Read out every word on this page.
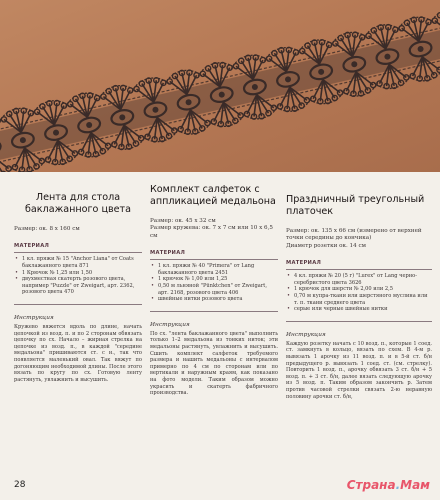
Лента для стола баклажанного цвета
Размер: ок. 8 х 160 см
МАТЕРИАЛ
• 1 кл. пряжи № 15 "Anchor Liana" от Coats баклажанного цвета 871
• 1 Крючок № 1,25 или 1,50
• двухместная скатерть розового цвета, например "Puzzle" от Zweigart, арт. 2362, розового цвета 470
Инструкция
Кружево вяжется вдоль по длине, начать цепочкой из возд. п. и по 2 сторонам обвязать цепочку по сх. Начало – жирная стрелка на цепочке из возд. п., в каждой "середине медальона" пришиваются ст. с н., так что появляется маленький овал. Так вяжут по догоняющим необходимой длины. После этого вязать по кругу по сх. Готовую ленту растянуть, увлажнить и высушить.
Комплект салфеток с аппликацией медальона
Размер: ок. 45 х 32 см
Размер кружева: ок. 7 х 7 см или 10 х 6,5 см
МАТЕРИАЛ
• 1 кл. пряжи № 40 "Primera" от Lang баклажанного цвета 2451
• 1 крючок № 1,00 или 1,25
• 0,50 м льняной "Pünktchen" от Zweigart, арт. 2168, розового цвета 406
• швейные нитки розового цвета
Инструкция
По сх. "лента баклажанного цвета" выполнить только 1–2 медальона из тонких ниток; эти медальоны растянуть, увлажнить и высушить. Сшить комплект салфеток требуемого размера и нашить медальоны с интервалом примерно по 4 см по сторонам или по вертикали и наружным краям, как показано на фото модели. Таким образом можно украсить и скатерть фабричного производства.
Праздничный треугольный платочек
Размер: ок. 135 х 66 см (измерено от верхней точки середины до кончика)
Диаметр розетки ок. 14 см
МАТЕРИАЛ
• 4 кл. пряжи № 20 (5 г) "Lurex" от Lang черно-серебристого цвета 3626
• 1 крючок для шерсти № 2,00 или 2,5
• 0,70 м купра-ткани или шерстяного муслина или т. п. ткани среднего цвета
• серые или черные швейные нитки
Инструкция
Каждую розетку начать с 10 возд. п., которые 1 сoед. ст. замкнуть в кольцо, вязать по схем. В 4-м р. вывязать 1 арочку из 11 возд. п. и в 5-й ст. б/н предыдущего р. вывязать 1 соед. ст. (см. стрелку). Повторить 1 возд. п., арочку обвязать 3 ст. б/н + 5 возд. п. + 3 ст. б/н, далее вязать следующую арочку из 5 возд. п. Таким образом закончить р. Затем против часовой стрелки связать 2-ю неравную половину арочки ст. б/н,
28	Страна.Мам
